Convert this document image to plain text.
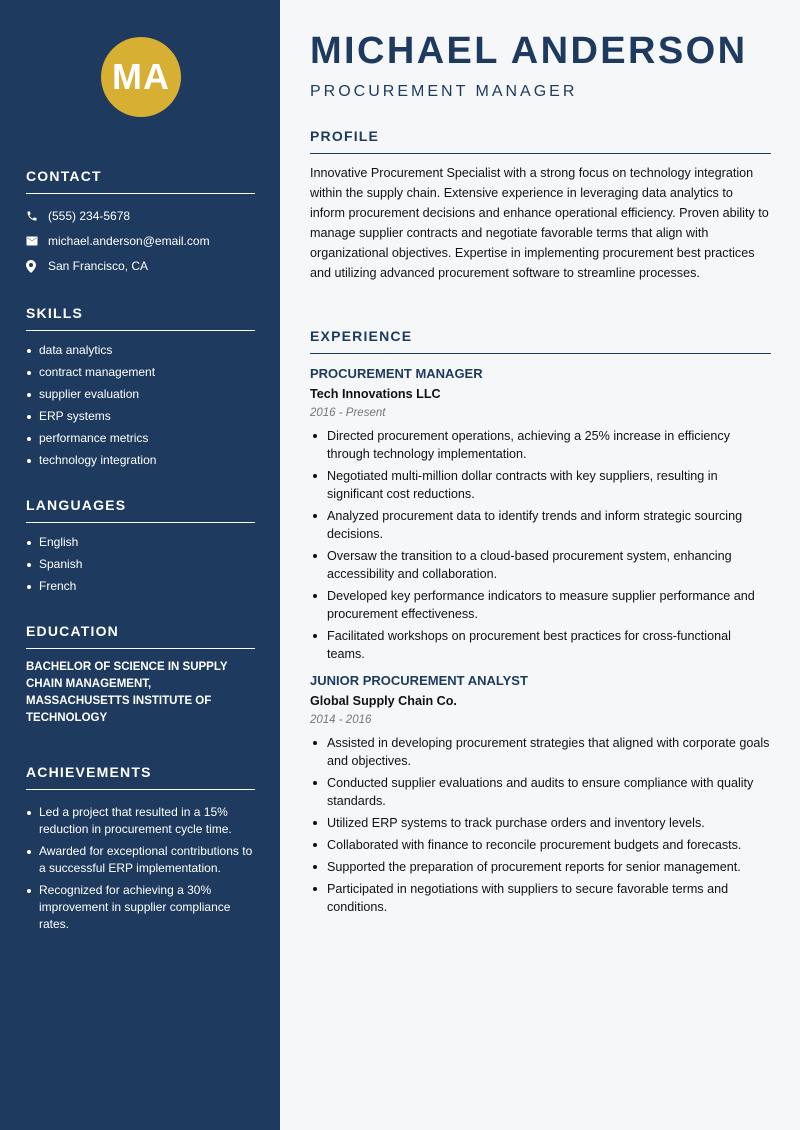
MA
CONTACT
(555) 234-5678
michael.anderson@email.com
San Francisco, CA
SKILLS
data analytics
contract management
supplier evaluation
ERP systems
performance metrics
technology integration
LANGUAGES
English
Spanish
French
EDUCATION
BACHELOR OF SCIENCE IN SUPPLY CHAIN MANAGEMENT, MASSACHUSETTS INSTITUTE OF TECHNOLOGY
ACHIEVEMENTS
Led a project that resulted in a 15% reduction in procurement cycle time.
Awarded for exceptional contributions to a successful ERP implementation.
Recognized for achieving a 30% improvement in supplier compliance rates.
MICHAEL ANDERSON
PROCUREMENT MANAGER
PROFILE

Innovative Procurement Specialist with a strong focus on technology integration within the supply chain. Extensive experience in leveraging data analytics to inform procurement decisions and enhance operational efficiency. Proven ability to manage supplier contracts and negotiate favorable terms that align with organizational objectives. Expertise in implementing procurement best practices and utilizing advanced procurement software to streamline processes.

EXPERIENCE
PROCUREMENT MANAGER
Tech Innovations LLC
2016 - Present
Directed procurement operations, achieving a 25% increase in efficiency through technology implementation.
Negotiated multi-million dollar contracts with key suppliers, resulting in significant cost reductions.
Analyzed procurement data to identify trends and inform strategic sourcing decisions.
Oversaw the transition to a cloud-based procurement system, enhancing accessibility and collaboration.
Developed key performance indicators to measure supplier performance and procurement effectiveness.
Facilitated workshops on procurement best practices for cross-functional teams.
JUNIOR PROCUREMENT ANALYST
Global Supply Chain Co.
2014 - 2016
Assisted in developing procurement strategies that aligned with corporate goals and objectives.
Conducted supplier evaluations and audits to ensure compliance with quality standards.
Utilized ERP systems to track purchase orders and inventory levels.
Collaborated with finance to reconcile procurement budgets and forecasts.
Supported the preparation of procurement reports for senior management.
Participated in negotiations with suppliers to secure favorable terms and conditions.
